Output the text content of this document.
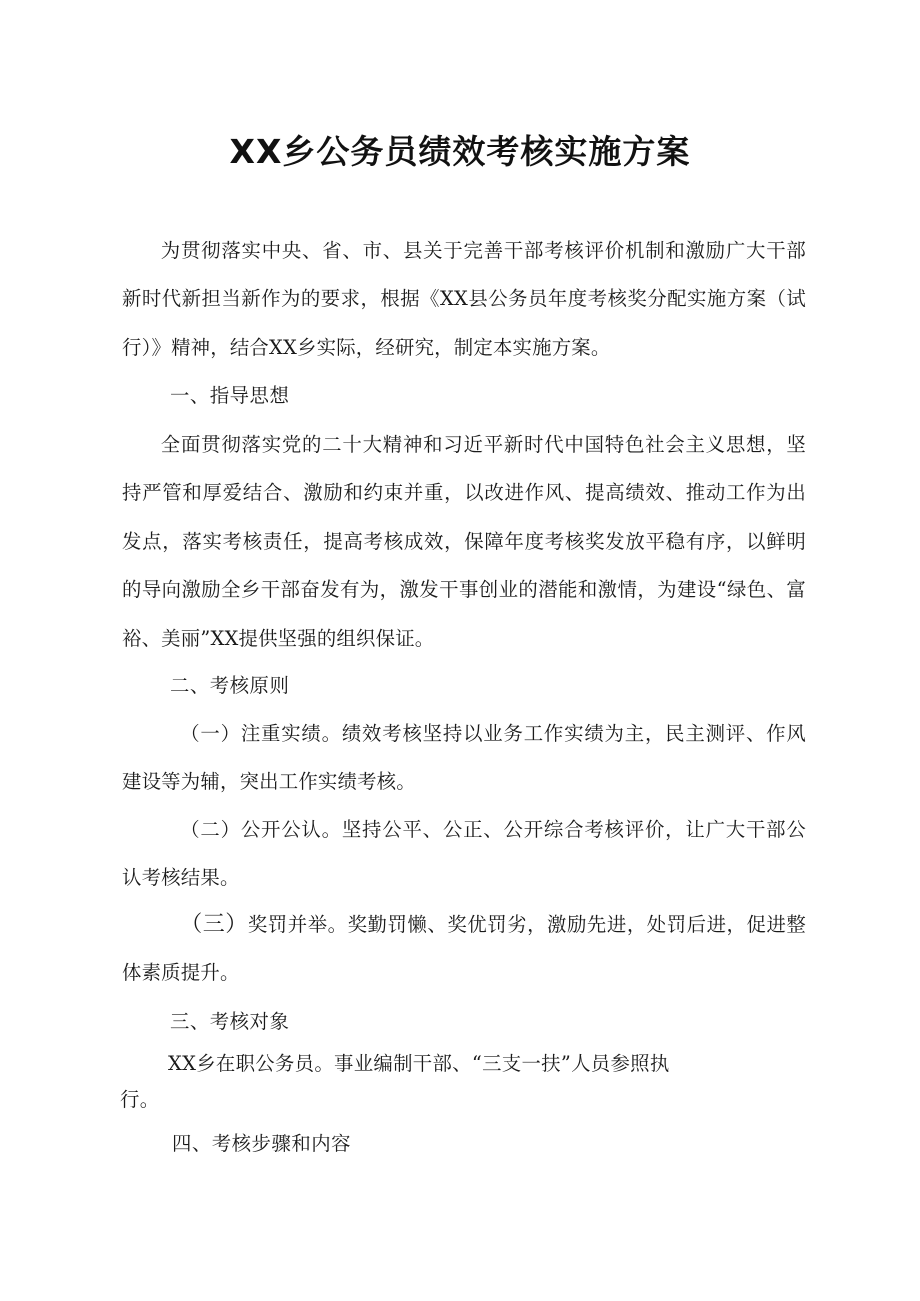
XX乡公务员绩效考核实施方案
为贯彻落实中央、省、市、县关于完善干部考核评价机制和激励广大干部新时代新担当新作为的要求，根据《XX县公务员年度考核奖分配实施方案（试行）》精神，结合XX乡实际，经研究，制定本实施方案。
一、指导思想
全面贯彻落实党的二十大精神和习近平新时代中国特色社会主义思想，坚持严管和厚爱结合、激励和约束并重，以改进作风、提高绩效、推动工作为出发点，落实考核责任，提高考核成效，保障年度考核奖发放平稳有序，以鲜明的导向激励全乡干部奋发有为，激发干事创业的潜能和激情，为建设“绿色、富裕、美丽”XX提供坚强的组织保证。
二、考核原则
（一）注重实绩。绩效考核坚持以业务工作实绩为主，民主测评、作风建设等为辅，突出工作实绩考核。
（二）公开公认。坚持公平、公正、公开综合考核评价，让广大干部公认考核结果。
（三）奖罚并举。奖勤罚懒、奖优罚劣，激励先进，处罚后进，促进整体素质提升。
三、考核对象
XX乡在职公务员。事业编制干部、“三支一扶”人员参照执行。
四、考核步骤和内容
